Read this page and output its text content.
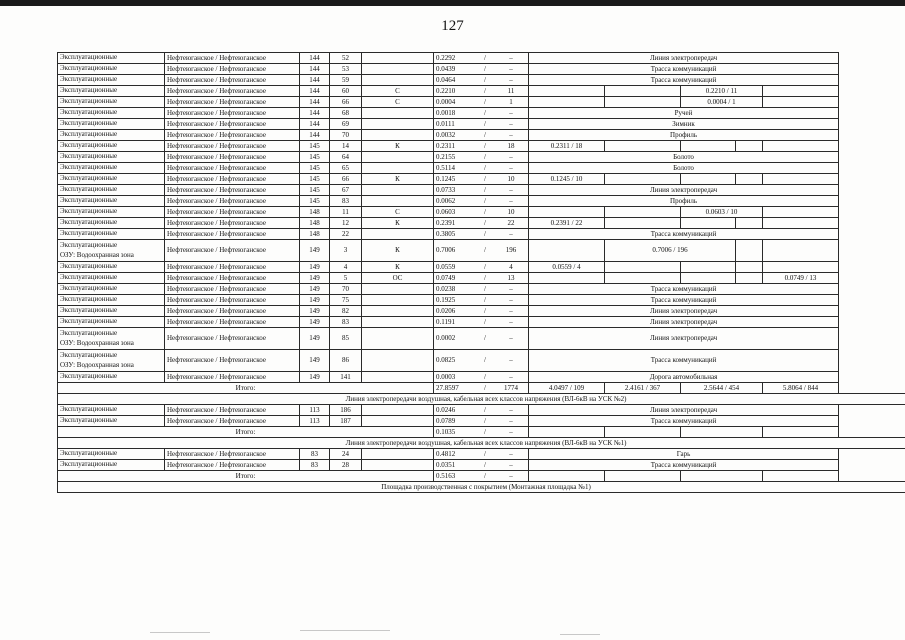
127
Эксплуатационные	Нефтеюганское / Нефтеюганское	144	52		0.2292 / –	Линия электропередач				

Эксплуатационные	Нефтеюганское / Нефтеюганское	144	53		0.0439 / –	Трасса коммуникаций				

Эксплуатационные	Нефтеюганское / Нефтеюганское	144	59		0.0464 / –	Трасса коммуникаций				

Эксплуатационные	Нефтеюганское / Нефтеюганское	144	60	С	0.2210 / 11			0.2210 / 11		

Эксплуатационные	Нефтеюганское / Нефтеюганское	144	66	С	0.0004 / 1			0.0004 / 1		

Эксплуатационные	Нефтеюганское / Нефтеюганское	144	68		0.0018 / –	Ручей				

Эксплуатационные	Нефтеюганское / Нефтеюганское	144	69		0.0111 / –	Зимник				

Эксплуатационные	Нефтеюганское / Нефтеюганское	144	70		0.0032 / –	Профиль				

Эксплуатационные	Нефтеюганское / Нефтеюганское	145	14	К	0.2311 / 18	0.2311 / 18				

Эксплуатационные	Нефтеюганское / Нефтеюганское	145	64		0.2155 / –	Болото				

Эксплуатационные	Нефтеюганское / Нефтеюганское	145	65		0.5114 / –	Болото				

Эксплуатационные	Нефтеюганское / Нефтеюганское	145	66	К	0.1245 / 10	0.1245 / 10				

Эксплуатационные	Нефтеюганское / Нефтеюганское	145	67		0.0733 / –	Линия электропередач				

Эксплуатационные	Нефтеюганское / Нефтеюганское	145	83		0.0062 / –	Профиль				

Эксплуатационные	Нефтеюганское / Нефтеюганское	148	11	С	0.0603 / 10			0.0603 / 10		

Эксплуатационные	Нефтеюганское / Нефтеюганское	148	12	К	0.2391 / 22	0.2391 / 22				

Эксплуатационные	Нефтеюганское / Нефтеюганское	148	22		0.3805 / –	Трасса коммуникаций				

Эксплуатационные
ОЗУ: Водоохранная зона	Нефтеюганское / Нефтеюганское	149	3	К	0.7006 / 196		0.7006 / 196			

Эксплуатационные	Нефтеюганское / Нефтеюганское	149	4	К	0.0559 / 4	0.0559 / 4				

Эксплуатационные	Нефтеюганское / Нефтеюганское	149	5	ОС	0.0749 / 13					0.0749 / 13

Эксплуатационные	Нефтеюганское / Нефтеюганское	149	70		0.0238 / –	Трасса коммуникаций				

Эксплуатационные	Нефтеюганское / Нефтеюганское	149	75		0.1925 / –	Трасса коммуникаций				

Эксплуатационные	Нефтеюганское / Нефтеюганское	149	82		0.0206 / –	Линия электропередач				

Эксплуатационные	Нефтеюганское / Нефтеюганское	149	83		0.1191 / –	Линия электропередач				

Эксплуатационные
ОЗУ: Водоохранная зона	Нефтеюганское / Нефтеюганское	149	85		0.0002 / –	Линия электропередач				

Эксплуатационные
ОЗУ: Водоохранная зона	Нефтеюганское / Нефтеюганское	149	86		0.0825 / –	Трасса коммуникаций				

Эксплуатационные	Нефтеюганское / Нефтеюганское	149	141		0.0003 / –	Дорога автомобильная				
Итого:					27.8597 / 1774	4.0497 / 109	2.4161 / 367	2.5644 / 454		5.8064 / 844
Линия электропередачи воздушная, кабельная всех классов напряжения (ВЛ-6кВ на УСК №2)										

Эксплуатационные	Нефтеюганское / Нефтеюганское	113	186		0.0246 / –	Линия электропередач				

Эксплуатационные	Нефтеюганское / Нефтеюганское	113	187		0.0789 / –	Трасса коммуникаций				
Итого:					0.1035 / –					
Линия электропередачи воздушная, кабельная всех классов напряжения (ВЛ-6кВ на УСК №1)										

Эксплуатационные	Нефтеюганское / Нефтеюганское	83	24		0.4812 / –	Гарь				

Эксплуатационные	Нефтеюганское / Нефтеюганское	83	28		0.0351 / –	Трасса коммуникаций				
Итого:					0.5163 / –					
Площадка производственная с покрытием (Монтажная площадка №1)										
